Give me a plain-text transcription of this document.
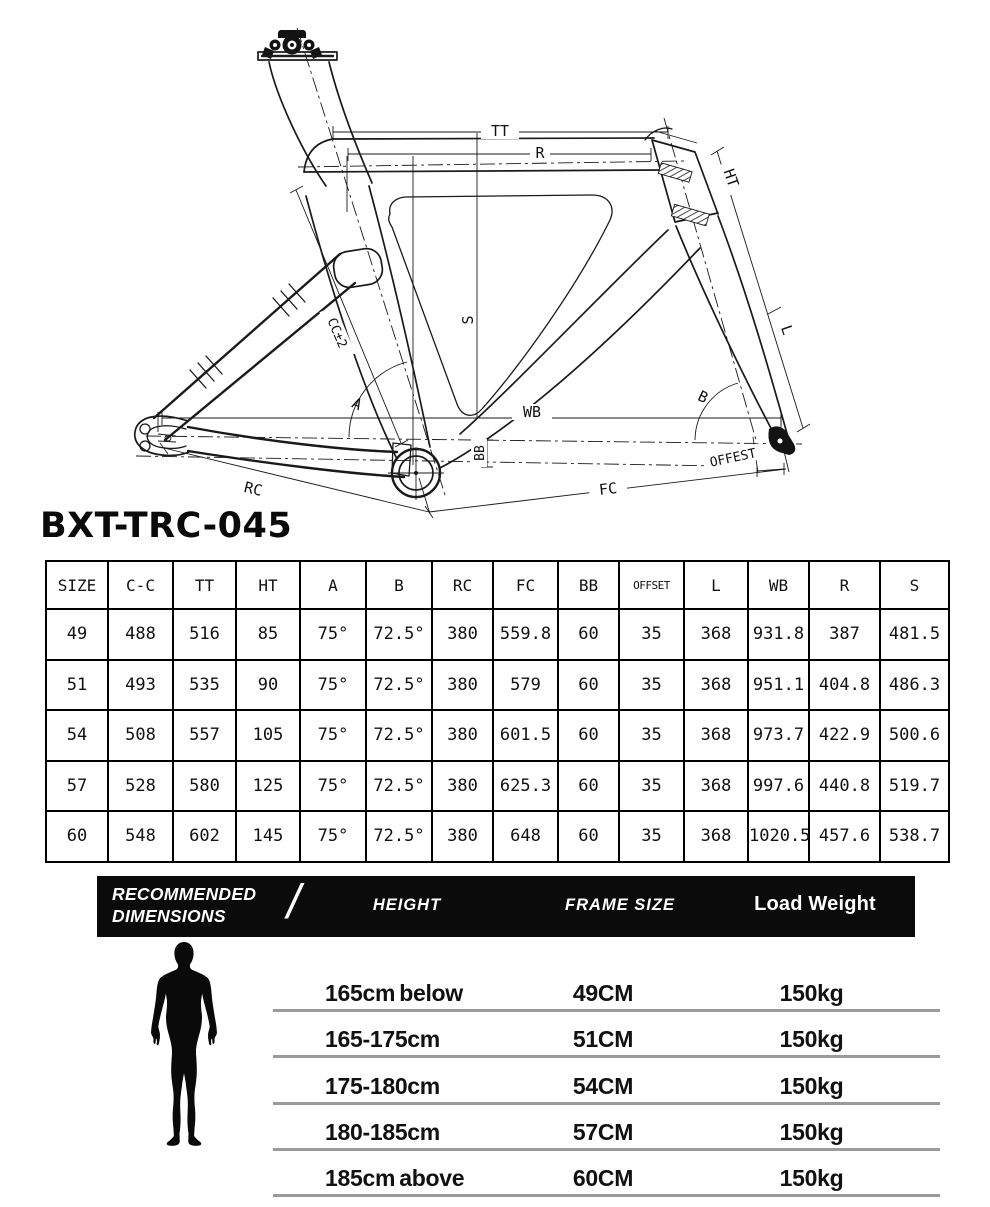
TT
R
HT
L
S
CC±2
WB
BB
RC	FC
OFFEST
A	B
BXT-TRC-045
SIZE	C-C	TT	HT	A	B	RC	FC	BB	OFFSET	L	WB	R	S
49	488	516	85	75°	72.5°	380	559.8	60	35	368	931.8	387	481.5
51	493	535	90	75°	72.5°	380	579	60	35	368	951.1	404.8	486.3
54	508	557	105	75°	72.5°	380	601.5	60	35	368	973.7	422.9	500.6
57	528	580	125	75°	72.5°	380	625.3	60	35	368	997.6	440.8	519.7
60	548	602	145	75°	72.5°	380	648	60	35	368	1020.5	457.6	538.7
RECOMMENDED
DIMENSIONS	/	HEIGHT	FRAME SIZE	Load Weight
165cm below	49CM	150kg
165-175cm	51CM	150kg
175-180cm	54CM	150kg
180-185cm	57CM	150kg
185cm above	60CM	150kg
